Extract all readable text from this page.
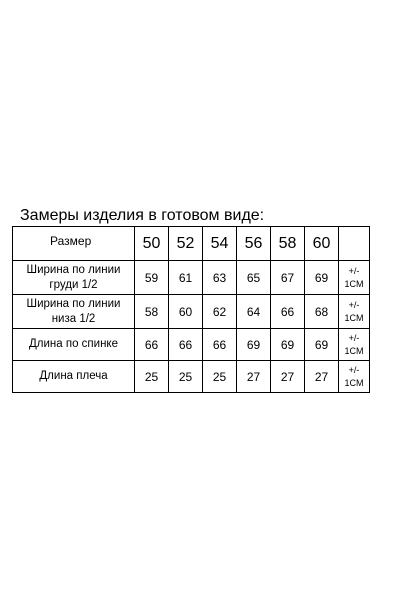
Замеры изделия в готовом виде:
Размер	50	52	54	56	58	60	

Ширина по линии
груди 1/2	59	61	63	65	67	69	+/-
1СМ

Ширина по линии
низа 1/2	58	60	62	64	66	68	+/-
1СМ

Длина по спинке	66	66	66	69	69	69	+/-
1СМ

Длина плеча	25	25	25	27	27	27	+/-
1СМ
